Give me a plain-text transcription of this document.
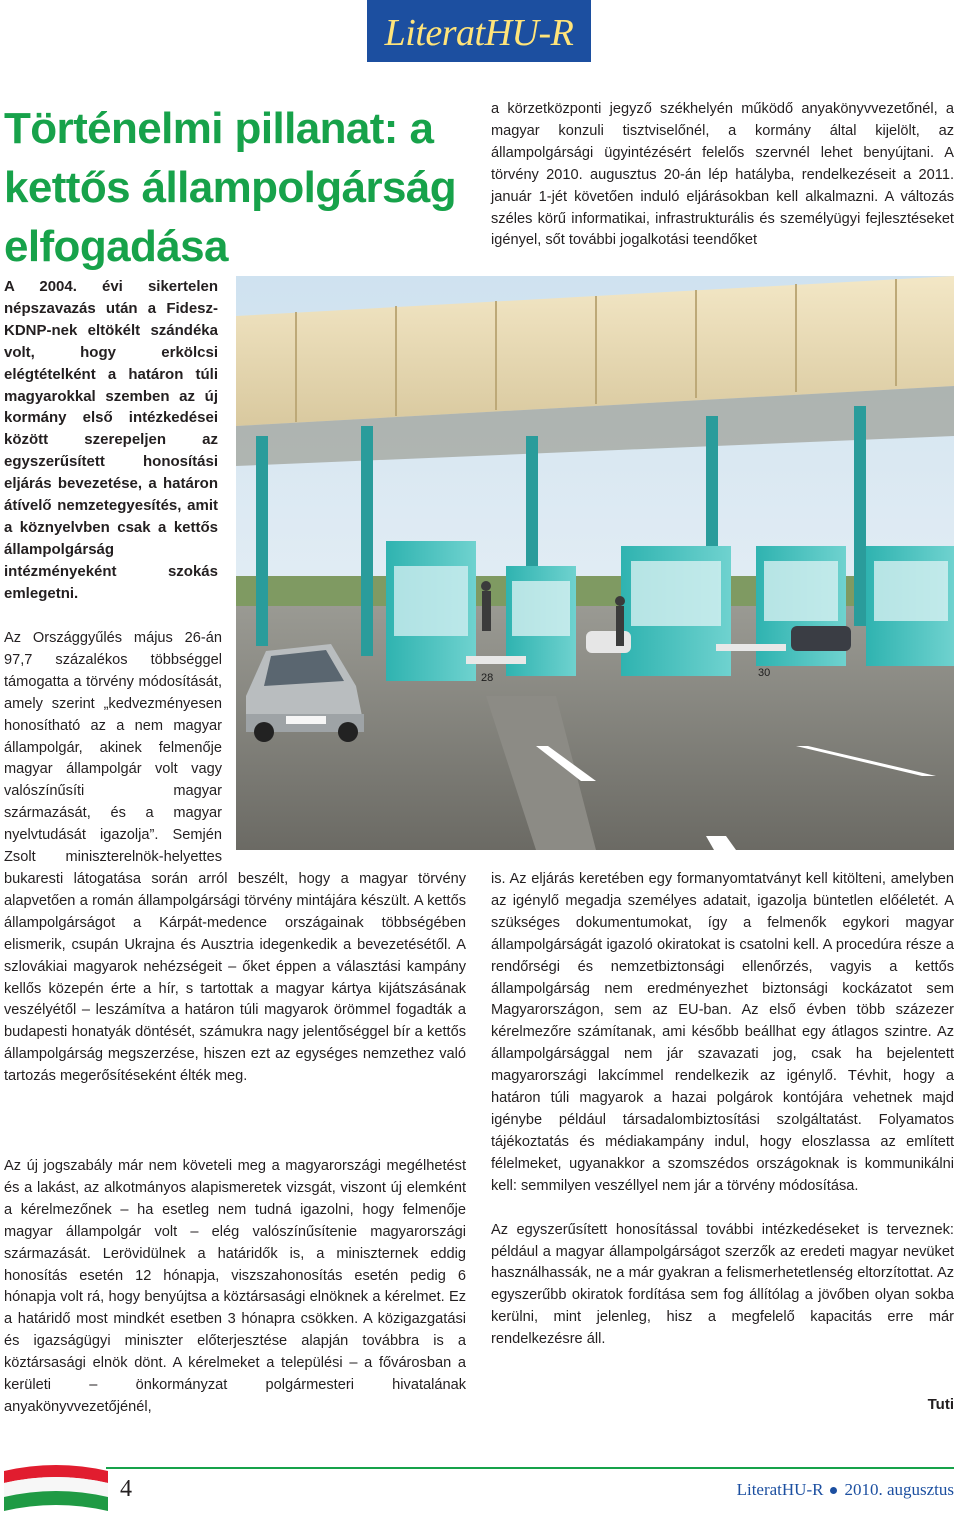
LiteratHU-R
Történelmi pillanat: a kettős állampolgárság elfogadása

a körzetközponti jegyző székhelyén működő anyakönyvvezetőnél, a magyar konzuli tisztviselőnél, a kormány által kijelölt, az állampolgársági ügyintézésért felelős szervnél lehet benyújtani. A törvény 2010. augusztus 20-án lép hatályba, rendelkezéseit a 2011. január 1-jét követően induló eljárásokban kell alkalmazni. A változás széles körű informatikai, infrastrukturális és személyügyi fejlesztéseket igényel, sőt további jogalkotási teendőket

A 2004. évi sikertelen népszavazás után a Fidesz-KDNP-nek eltökélt szándéka volt, hogy erkölcsi elégtételként a határon túli magyarokkal szemben az új kormány első intézkedései között szerepeljen az egyszerűsített honosítási eljárás bevezetése, a határon átívelő nemzetegyesítés, amit a köznyelvben csak a kettős állampolgárság intézményeként szokás emlegetni.

28	30
Az Országgyűlés május 26-án 97,7 százalékos többséggel támogatta a törvény módosítását, amely szerint „kedvezményesen honosítható az a nem magyar állampolgár, akinek felmenője magyar állampolgár volt vagy valószínűsíti magyar származását, és a magyar nyelvtudását igazolja”. Semjén Zsolt miniszterelnök-helyettes bukaresti látogatása során arról beszélt, hogy a magyar törvény alapvetően a román állampolgársági törvény mintájára készült. A kettős állampolgárságot a Kárpát-medence országainak többségében elismerik, csupán Ukrajna és Ausztria idegenkedik a bevezetésétől. A szlovákiai magyarok nehézségeit – őket éppen a választási kampány kellős közepén érte a hír, s tartottak a magyar kártya kijátszásának veszélyétől – leszámítva a határon túli magyarok örömmel fogadták a budapesti honatyák döntését, számukra nagy jelentőséggel bír a kettős állampolgárság megszerzése, hiszen ezt az egységes nemzethez való tartozás megerősítéseként élték meg.

Az új jogszabály már nem követeli meg a magyarországi megélhetést és a lakást, az alkotmányos alapismeretek vizsgát, viszont új elemként a kérelmezőnek – ha esetleg nem tudná igazolni, hogy felmenője magyar állampolgár volt – elég valószínűsítenie magyarországi származását. Lerövidülnek a határidők is, a miniszternek eddig honosítás esetén 12 hónapja, viszszahonosítás esetén pedig 6 hónapja volt rá, hogy benyújtsa a köztársasági elnöknek a kérelmet. Ez a határidő most mindkét esetben 3 hónapra csökken. A közigazgatási és igazságügyi miniszter előterjesztése alapján továbbra is a köztársasági elnök dönt. A kérelmeket a települési – a fővárosban a kerületi – önkormányzat polgármesteri hivatalának anyakönyvvezetőjénél,

is. Az eljárás keretében egy formanyomtatványt kell kitölteni, amelyben az igénylő megadja személyes adatait, igazolja büntetlen előéletét. A szükséges dokumentumokat, így a felmenők egykori magyar állampolgárságát igazoló okiratokat is csatolni kell. A procedúra része a rendőrségi és nemzetbiztonsági ellenőrzés, vagyis a kettős állampolgárság nem eredményezhet biztonsági kockázatot sem Magyarországon, sem az EU-ban. Az első évben több százezer kérelmezőre számítanak, ami később beállhat egy átlagos szintre. Az állampolgársággal nem jár szavazati jog, csak ha bejelentett magyarországi lakcímmel rendelkezik az igénylő. Tévhit, hogy a határon túli magyarok a hazai polgárok kontójára vehetnek majd igénybe például társadalombiztosítási szolgáltatást. Folyamatos tájékoztatás és médiakampány indul, hogy eloszlassa az említett félelmeket, ugyanakkor a szomszédos országoknak is kommunikálni kell: semmilyen veszéllyel nem jár a törvény módosítása.

Az egyszerűsített honosítással további intézkedéseket is terveznek: például a magyar állampolgárságot szerzők az eredeti magyar nevüket használhassák, ne a már gyakran a felismerhetetlenség eltorzítottat. Az egyszerűbb okiratok fordítása sem fog állítólag a jövőben olyan sokba kerülni, mint jelenleg, hisz a megfelelő kapacitás erre már rendelkezésre áll.

Tuti
4	LiteratHU-R 2010. augusztus
